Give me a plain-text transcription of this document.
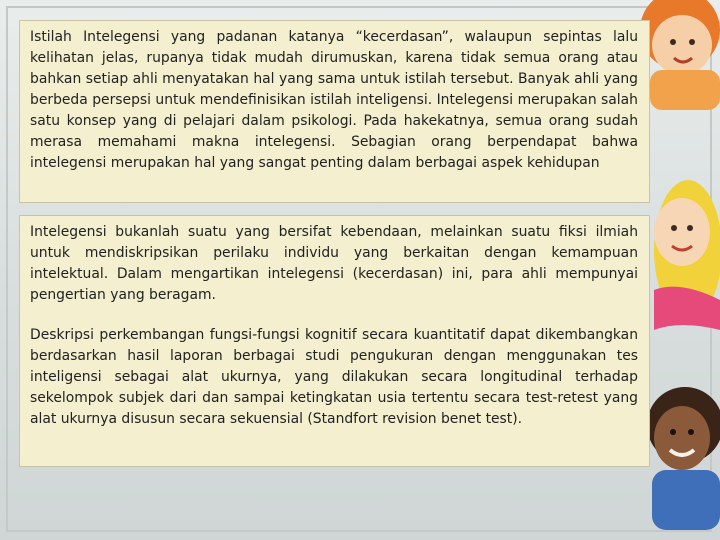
Istilah Intelegensi yang padanan katanya “kecerdasan”, walaupun sepintas lalu kelihatan jelas, rupanya tidak mudah dirumuskan, karena tidak semua orang atau bahkan setiap ahli menyatakan hal yang sama untuk istilah tersebut. Banyak ahli yang berbeda persepsi untuk mendefinisikan istilah inteligensi. Intelegensi merupakan salah satu konsep yang di pelajari dalam psikologi. Pada hakekatnya, semua orang sudah merasa memahami makna intelegensi. Sebagian orang berpendapat bahwa intelegensi merupakan hal yang sangat penting dalam berbagai aspek kehidupan

Intelegensi bukanlah suatu yang bersifat kebendaan, melainkan suatu fiksi ilmiah untuk mendiskripsikan perilaku individu yang berkaitan dengan kemampuan intelektual. Dalam mengartikan intelegensi (kecerdasan) ini, para ahli mempunyai pengertian yang beragam.

Deskripsi perkembangan fungsi-fungsi kognitif secara kuantitatif dapat dikembangkan berdasarkan hasil laporan berbagai studi pengukuran dengan menggunakan tes inteligensi sebagai alat ukurnya, yang dilakukan secara longitudinal terhadap sekelompok subjek dari dan sampai ketingkatan usia tertentu secara test-retest yang alat ukurnya disusun secara sekuensial (Standfort revision benet test).
